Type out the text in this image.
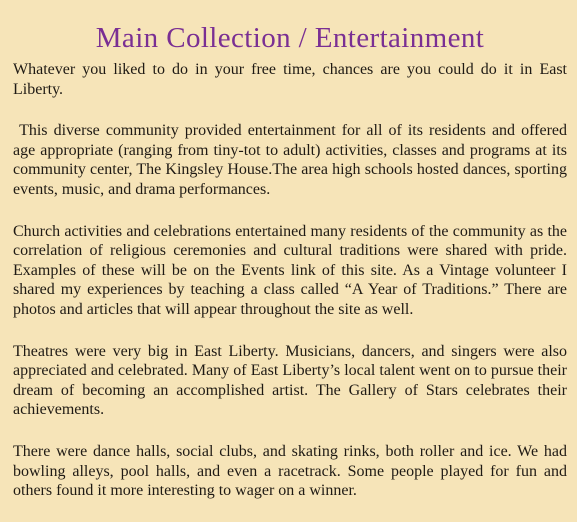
Main Collection / Entertainment

Whatever you liked to do in your free time, chances are you could do it in East Liberty.

This diverse community provided entertainment for all of its residents and offered age appropriate (ranging from tiny-tot to adult) activities, classes and programs at its community center, The Kingsley House.The area high schools hosted dances, sporting events, music, and drama performances.

Church activities and celebrations entertained many residents of the community as the correlation of religious ceremonies and cultural traditions were shared with pride. Examples of these will be on the Events link of this site. As a Vintage volunteer I shared my experiences by teaching a class called “A Year of Traditions.” There are photos and articles that will appear throughout the site as well.

Theatres were very big in East Liberty. Musicians, dancers, and singers were also appreciated and celebrated. Many of East Liberty’s local talent went on to pursue their dream of becoming an accomplished artist. The Gallery of Stars celebrates their achievements.

There were dance halls, social clubs, and skating rinks, both roller and ice. We had bowling alleys, pool halls, and even a racetrack. Some people played for fun and others found it more interesting to wager on a winner.
